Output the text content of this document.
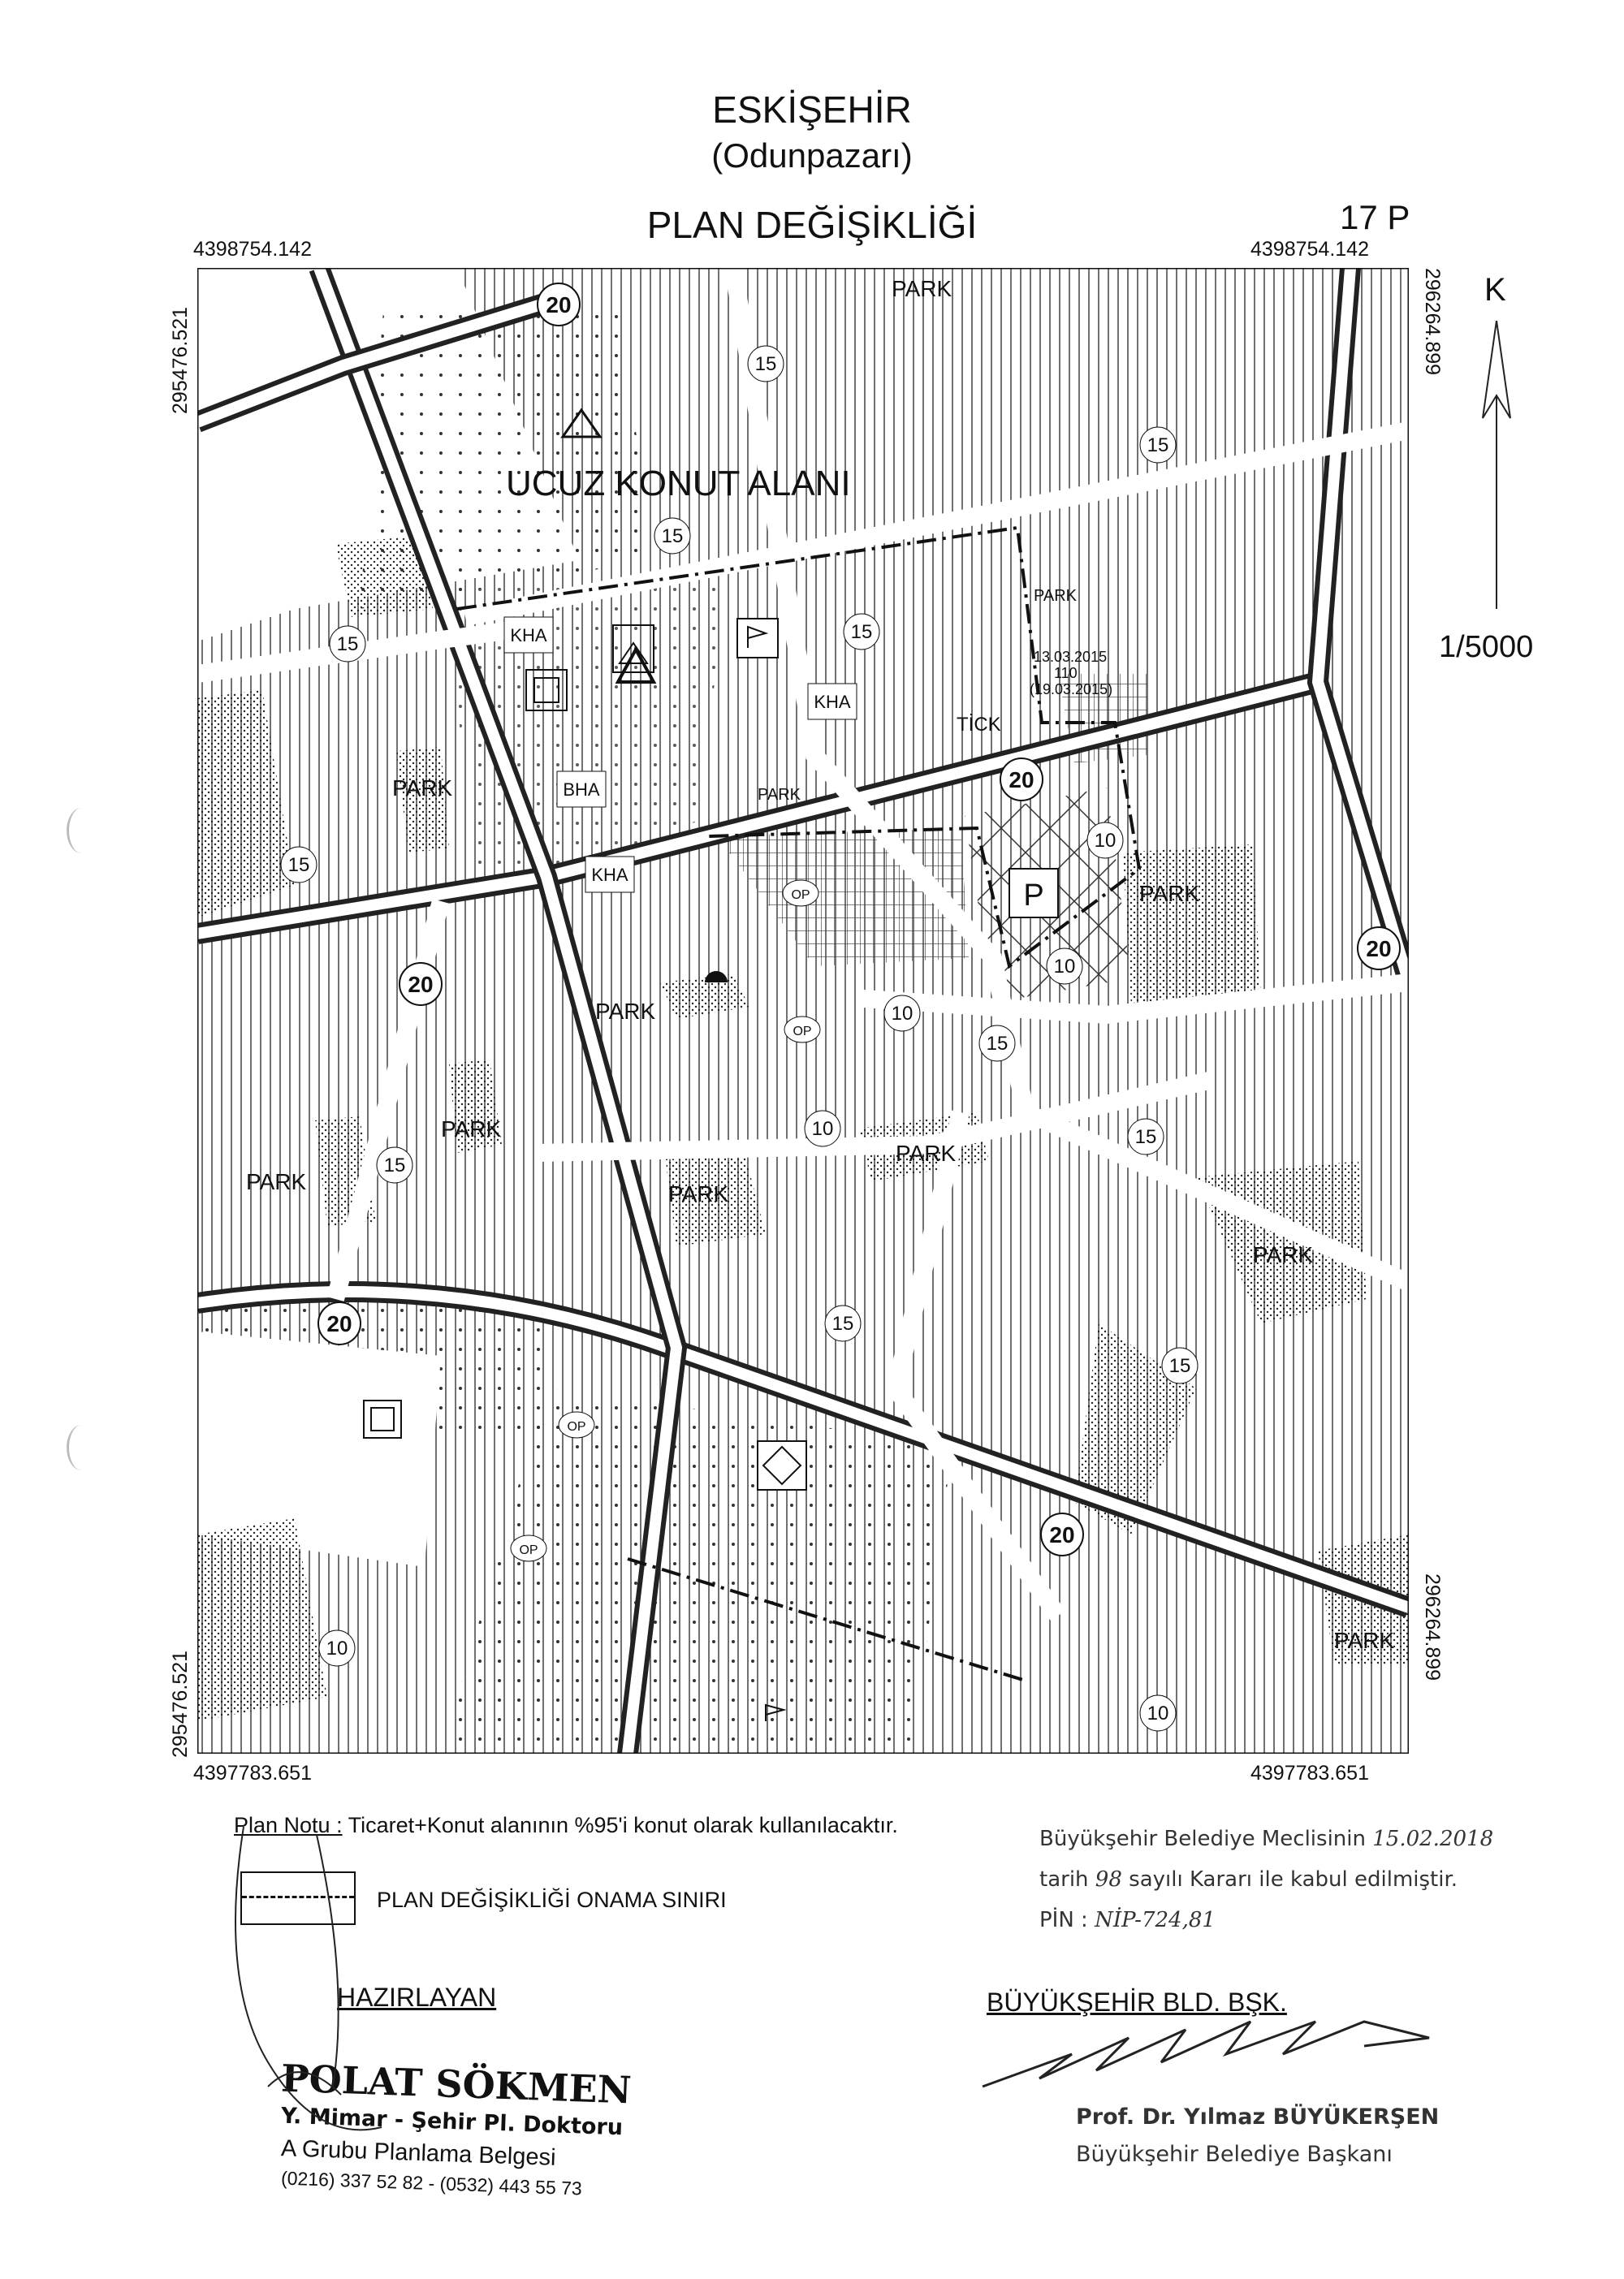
ESKİŞEHİR
(Odunpazarı)
PLAN DEĞİŞİKLİĞİ	17 P
4398754.142	4398754.142
4397783.651	4397783.651
295476.521
295476.521
296264.899
296264.899
K
1/5000
UCUZ KONUT ALANI
PARK
PARK	PARK
PARK
PARK
PARK
PARK	PARK
PARK
PARK
PARK
PARK
TİCK
20
20
20
20
20
20
15
15
15
15
15
15
15
15
15
15
15
10
10
10
10
10
10
KHA
KHA
KHA
BHA
OP
OP
OP
OP
P
13.03.2015
110
(19.03.2015)
Plan Notu : Ticaret+Konut alanının %95'i konut olarak kullanılacaktır.
PLAN DEĞİŞİKLİĞİ ONAMA SINIRI
Büyükşehir Belediye Meclisinin 15.02.2018
tarih 98 sayılı Kararı ile kabul edilmiştir.
PİN : NİP-724,81
HAZIRLAYAN
POLAT SÖKMEN
Y. Mimar - Şehir Pl. Doktoru
A Grubu Planlama Belgesi
(0216) 337 52 82 - (0532) 443 55 73
BÜYÜKŞEHİR BLD. BŞK.
Prof. Dr. Yılmaz BÜYÜKERŞEN
Büyükşehir Belediye Başkanı
